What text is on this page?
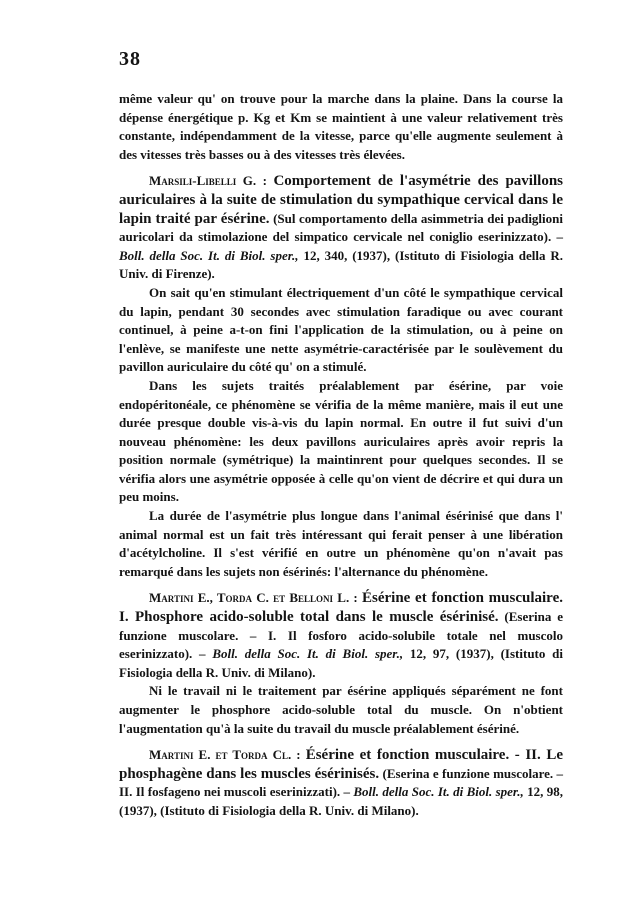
38

même valeur qu' on trouve pour la marche dans la plaine. Dans la course la dépense énergétique p. Kg et Km se maintient à une valeur relativement très constante, indépendamment de la vitesse, parce qu'elle augmente seulement à des vitesses très basses ou à des vitesses très élevées.

Marsili-Libelli G. : Comportement de l'asymétrie des pavillons auriculaires à la suite de stimulation du sympathique cervical dans le lapin traité par ésérine. (Sul comportamento della asimmetria dei padiglioni auricolari da stimolazione del simpatico cervicale nel coniglio eserinizzato). – Boll. della Soc. It. di Biol. sper., 12, 340, (1937), (Istituto di Fisiologia della R. Univ. di Firenze).

On sait qu'en stimulant électriquement d'un côté le sympathique cervical du lapin, pendant 30 secondes avec stimulation faradique ou avec courant continuel, à peine a-t-on fini l'application de la stimulation, ou à peine on l'enlève, se manifeste une nette asymétrie-caractérisée par le soulèvement du pavillon auriculaire du côté qu' on a stimulé.

Dans les sujets traités préalablement par ésérine, par voie endopéritonéale, ce phénomène se vérifia de la même manière, mais il eut une durée presque double vis-à-vis du lapin normal. En outre il fut suivi d'un nouveau phénomène: les deux pavillons auriculaires après avoir repris la position normale (symétrique) la maintinrent pour quelques secondes. Il se vérifia alors une asymétrie opposée à celle qu'on vient de décrire et qui dura un peu moins.

La durée de l'asymétrie plus longue dans l'animal ésérinisé que dans l' animal normal est un fait très intéressant qui ferait penser à une libération d'acétylcholine. Il s'est vérifié en outre un phénomène qu'on n'avait pas remarqué dans les sujets non ésérinés: l'alternance du phénomène.

Martini E., Torda C. et Belloni L. : Ésérine et fonction musculaire. I. Phosphore acido-soluble total dans le muscle ésérinisé. (Eserina e funzione muscolare. – I. Il fosforo acido-solubile totale nel muscolo eserinizzato). – Boll. della Soc. It. di Biol. sper., 12, 97, (1937), (Istituto di Fisiologia della R. Univ. di Milano).

Ni le travail ni le traitement par ésérine appliqués séparément ne font augmenter le phosphore acido-soluble total du muscle. On n'obtient l'augmentation qu'à la suite du travail du muscle préalablement ésériné.

Martini E. et Torda Cl. : Ésérine et fonction musculaire. - II. Le phosphagène dans les muscles ésérinisés. (Eserina e funzione muscolare. – II. Il fosfageno nei muscoli eserinizzati). – Boll. della Soc. It. di Biol. sper., 12, 98, (1937), (Istituto di Fisiologia della R. Univ. di Milano).
